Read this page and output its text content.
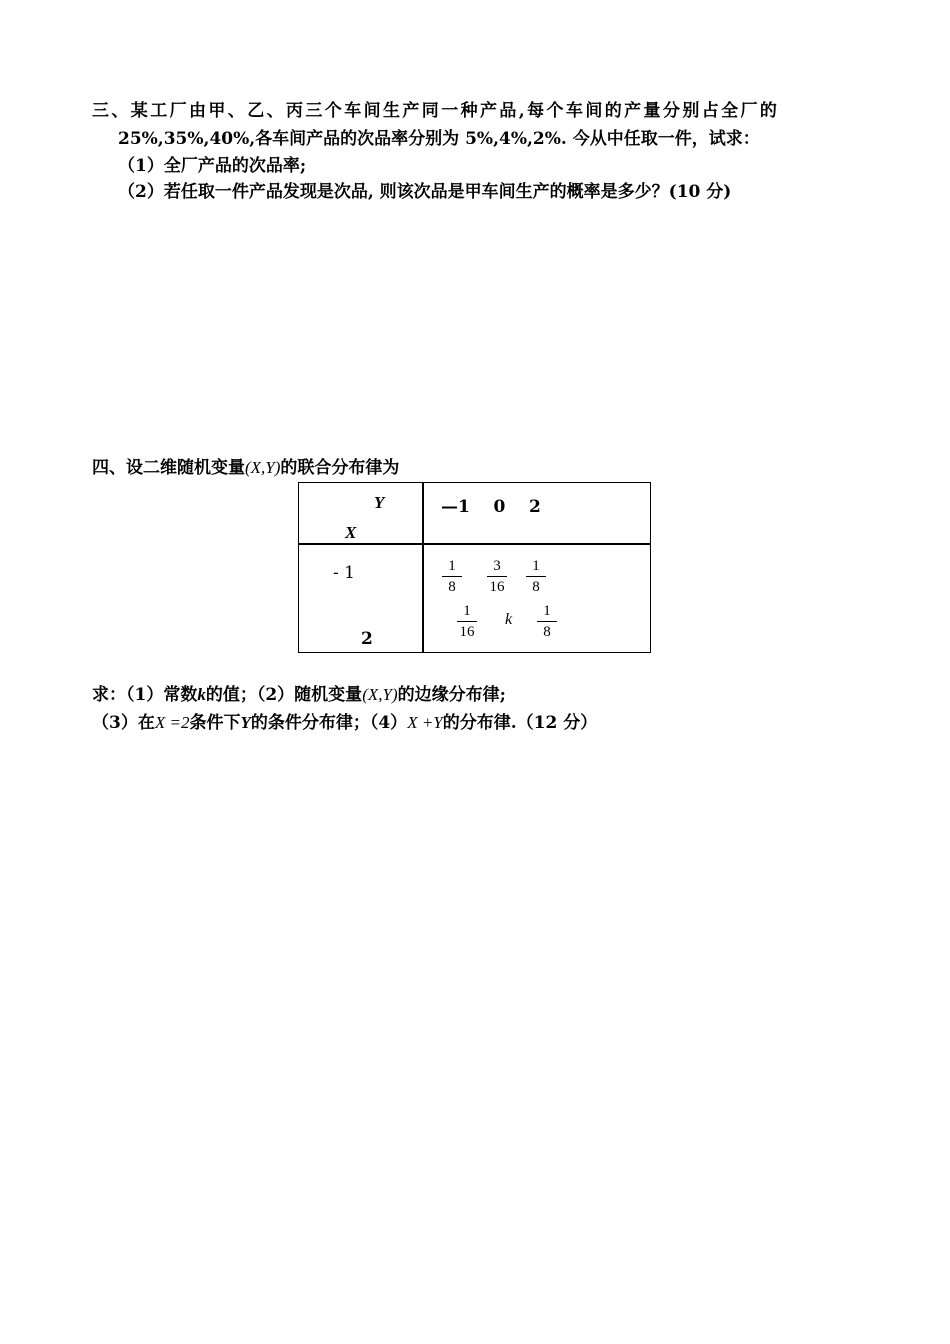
三、某工厂由甲、乙、丙三个车间生产同一种产品,每个车间的产量分别占全厂的
25%,35%,40%,各车间产品的次品率分别为 5%,4%,2%. 今从中任取一件，试求：
（1）全厂产品的次品率;
（2）若任取一件产品发现是次品, 则该次品是甲车间生产的概率是多少？(10 分)
四、设二维随机变量(X,Y)的联合分布律为
Y
X
—1    0    2
- 1
2
1
8
3
16
1
8
1
16
k	1
8
求：（1）常数k的值；（2）随机变量(X,Y)的边缘分布律;
（3）在X =2条件下Y的条件分布律；（4）X +Y的分布律.（12 分）
